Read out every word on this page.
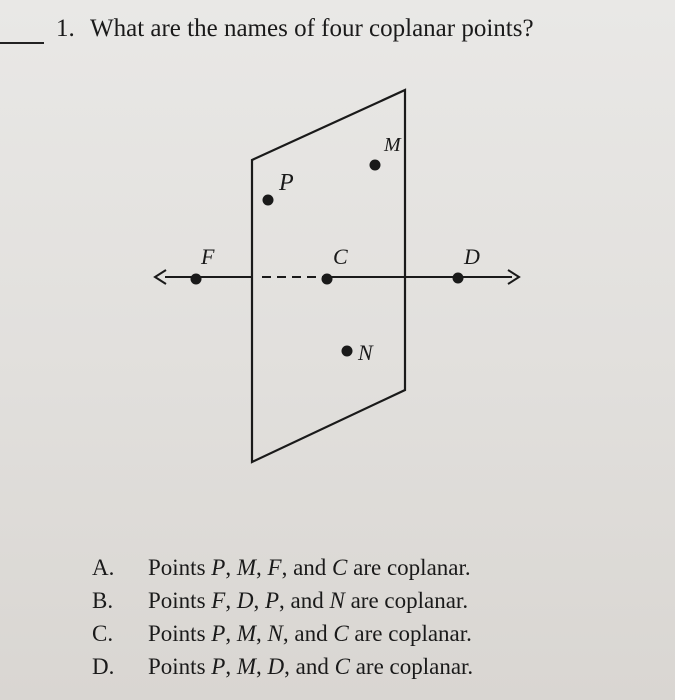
1. What are the names of four coplanar points?
M
P
F	C	D
N
A. Points P, M, F, and C are coplanar.
B. Points F, D, P, and N are coplanar.
C. Points P, M, N, and C are coplanar.
D. Points P, M, D, and C are coplanar.
